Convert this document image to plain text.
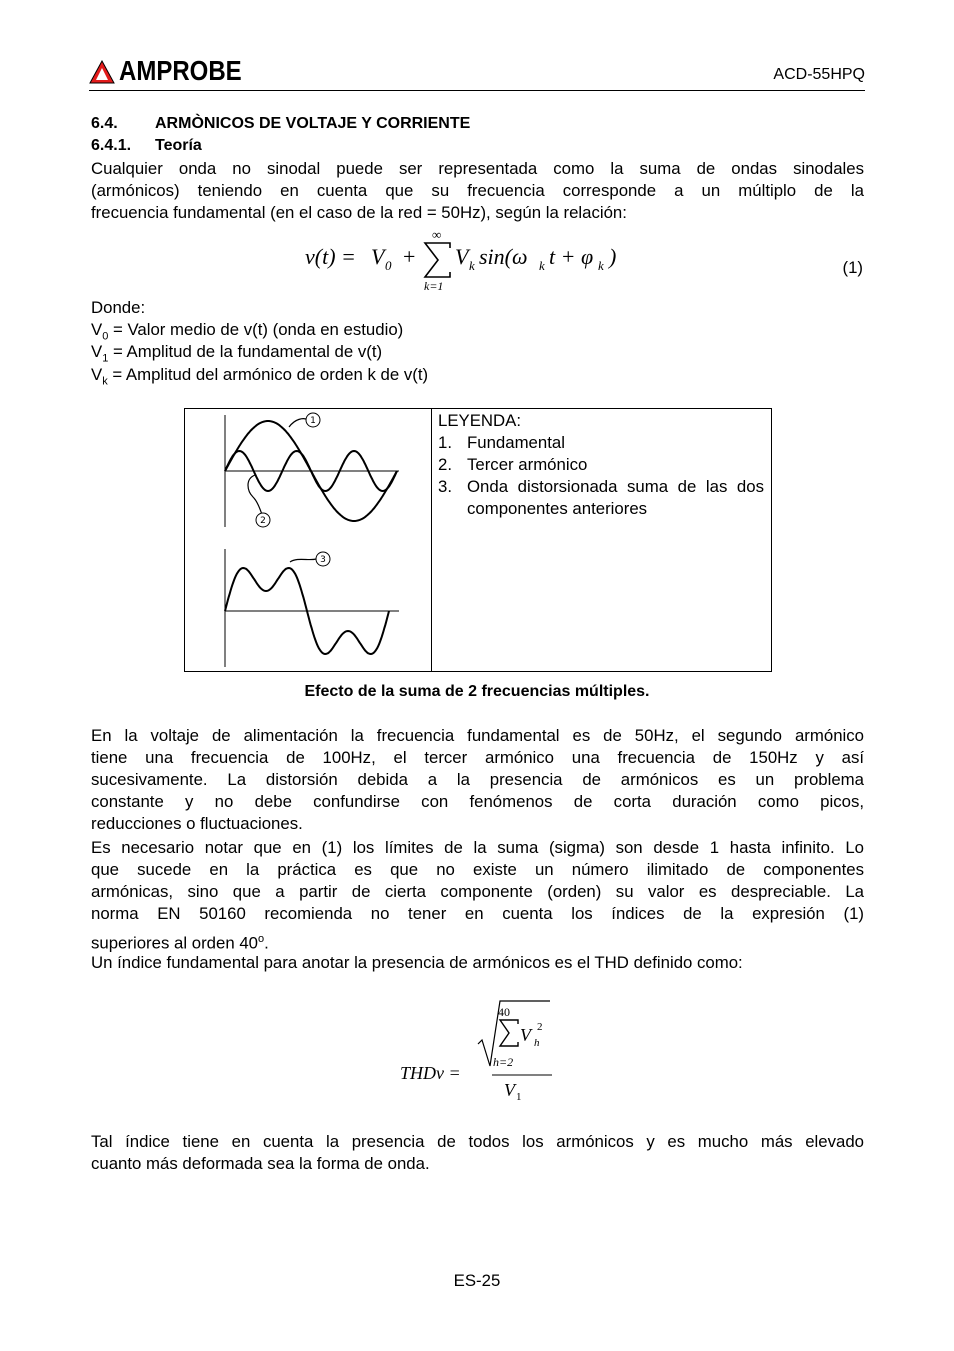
AMPROBE	ACD-55HPQ
6.4. ARMÒNICOS DE VOLTAJE Y CORRIENTE
6.4.1. Teoría
Cualquier onda no sinodal puede ser representada como la suma de ondas sinodales
(armónicos) teniendo en cuenta que su frecuencia corresponde a un múltiplo de la
frecuencia fundamental (en el caso de la red = 50Hz), según la relación:
v(t) = V 0 +
∞
k=1
V k sin(ω k t + φ k )	(1)
Donde:
$V_0$ = Valor medio de v(t) (onda en estudio)
$V_1$ = Amplitud de la fundamental de v(t)
$V_k$ = Amplitud del armónico de orden k de v(t)
1
2
3
LEYENDA:
1. Fundamental
2. Tercer armónico
3. Onda distorsionada suma de las dos componentes anteriores
Efecto de la suma de 2 frecuencias múltiples.
En la voltaje de alimentación la frecuencia fundamental es de 50Hz, el segundo armónico
tiene una frecuencia de 100Hz, el tercer armónico una frecuencia de 150Hz y así
sucesivamente. La distorsión debida a la presencia de armónicos es un problema
constante y no debe confundirse con fenómenos de corta duración como picos,
reducciones o fluctuaciones.
Es necesario notar que en (1) los límites de la suma (sigma) son desde 1 hasta infinito. Lo
que sucede en la práctica es que no existe un número ilimitado de componentes
armónicas, sino que a partir de cierta componente (orden) su valor es despreciable. La
norma EN 50160 recomienda no tener en cuenta los índices de la expresión (1)
superiores al orden 40$^o$.
Un índice fundamental para anotar la presencia de armónicos es el THD definido como:
THDv =
40
h=2
V 2
h
V 1
Tal índice tiene en cuenta la presencia de todos los armónicos y es mucho más elevado
cuanto más deformada sea la forma de onda.
ES-25
